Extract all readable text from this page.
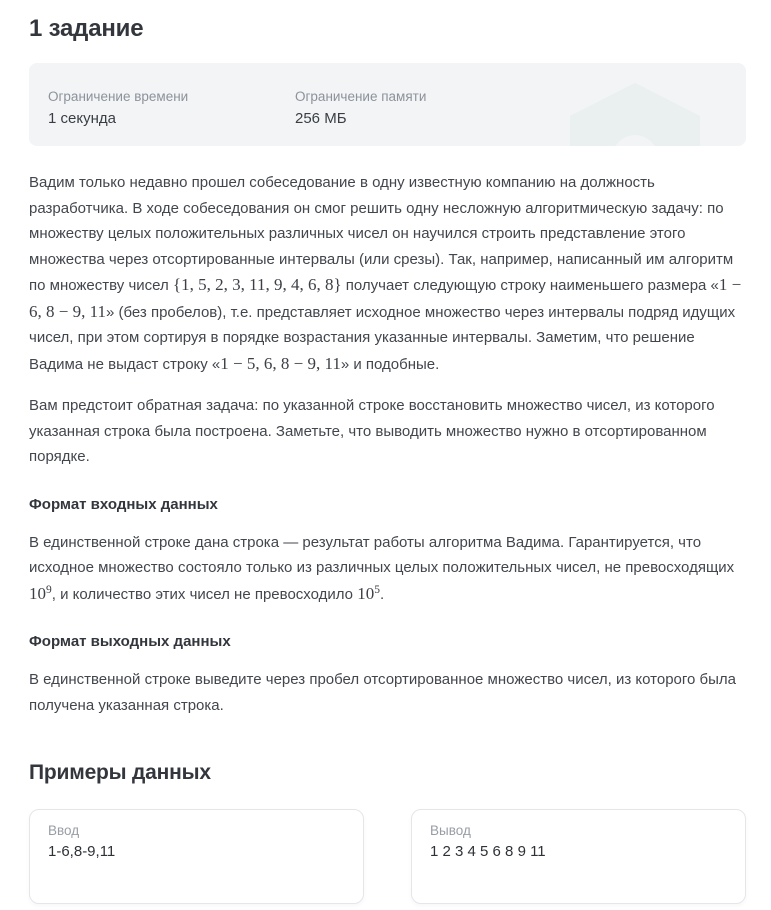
1 задание
Ограничение времени
1 секунда
Ограничение памяти
256 МБ

Вадим только недавно прошел собеседование в одну известную компанию на должность разработчика. В ходе собеседования он смог решить одну несложную алгоритмическую задачу: по множеству целых положительных различных чисел он научился строить представление этого множества через отсортированные интервалы (или срезы). Так, например, написанный им алгоритм по множеству чисел {1, 5, 2, 3, 11, 9, 4, 6, 8} получает следующую строку наименьшего размера «1 − 6, 8 − 9, 11» (без пробелов), т.е. представляет исходное множество через интервалы подряд идущих чисел, при этом сортируя в порядке возрастания указанные интервалы. Заметим, что решение Вадима не выдаст строку «1 − 5, 6, 8 − 9, 11» и подобные.

Вам предстоит обратная задача: по указанной строке восстановить множество чисел, из которого указанная строка была построена. Заметьте, что выводить множество нужно в отсортированном порядке.

Формат входных данных

В единственной строке дана строка — результат работы алгоритма Вадима. Гарантируется, что исходное множество состояло только из различных целых положительных чисел, не превосходящих $10^9$, и количество этих чисел не превосходило $10^5$.

Формат выходных данных

В единственной строке выведите через пробел отсортированное множество чисел, из которого была получена указанная строка.

Примеры данных
Ввод
1-6,8-9,11
Вывод
1 2 3 4 5 6 8 9 11
